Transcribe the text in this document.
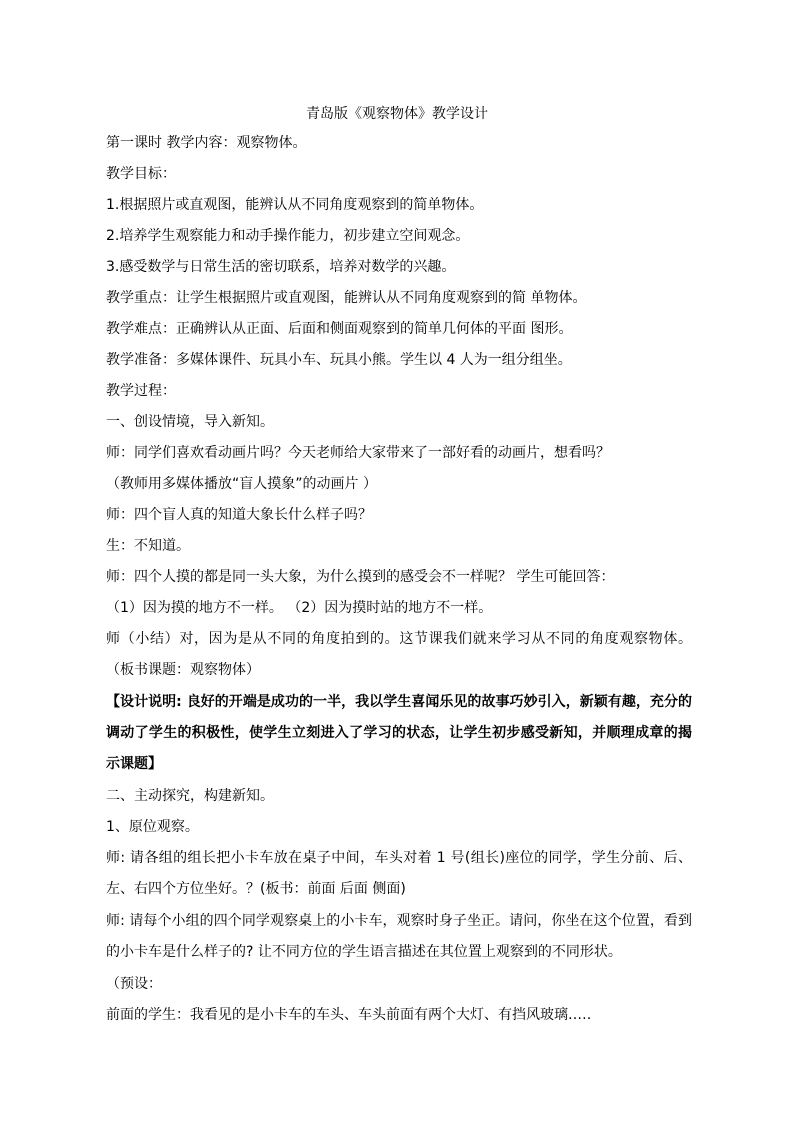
青岛版《观察物体》教学设计
第一课时 教学内容：观察物体。
教学目标：
1.根据照片或直观图，能辨认从不同角度观察到的简单物体。
2.培养学生观察能力和动手操作能力，初步建立空间观念。
3.感受数学与日常生活的密切联系，培养对数学的兴趣。
教学重点：让学生根据照片或直观图，能辨认从不同角度观察到的简 单物体。
教学难点：正确辨认从正面、后面和侧面观察到的简单几何体的平面 图形。
教学准备：多媒体课件、玩具小车、玩具小熊。学生以 4 人为一组分组坐。
教学过程：
一、创设情境，导入新知。
师：同学们喜欢看动画片吗？今天老师给大家带来了一部好看的动画片，想看吗？
（教师用多媒体播放“盲人摸象”的动画片 ）
师：四个盲人真的知道大象长什么样子吗？
生：不知道。
师：四个人摸的都是同一头大象，为什么摸到的感受会不一样呢？ 学生可能回答：
（1）因为摸的地方不一样。 （2）因为摸时站的地方不一样。
师（小结）对，因为是从不同的角度拍到的。这节课我们就来学习从不同的角度观察物体。 （板书课题：观察物体）
【设计说明: 良好的开端是成功的一半，我以学生喜闻乐见的故事巧妙引入，新颖有趣，充分的调动了学生的积极性，使学生立刻进入了学习的状态，让学生初步感受新知，并顺理成章的揭示课题】
二、主动探究，构建新知。
1、原位观察。
师: 请各组的组长把小卡车放在桌子中间，车头对着 1 号(组长)座位的同学，学生分前、后、左、右四个方位坐好。？(板书：前面 后面 侧面)
师: 请每个小组的四个同学观察桌上的小卡车，观察时身子坐正。请问，你坐在这个位置，看到的小卡车是什么样子的? 让不同方位的学生语言描述在其位置上观察到的不同形状。
（预设：
前面的学生：我看见的是小卡车的车头、车头前面有两个大灯、有挡风玻璃…‥
